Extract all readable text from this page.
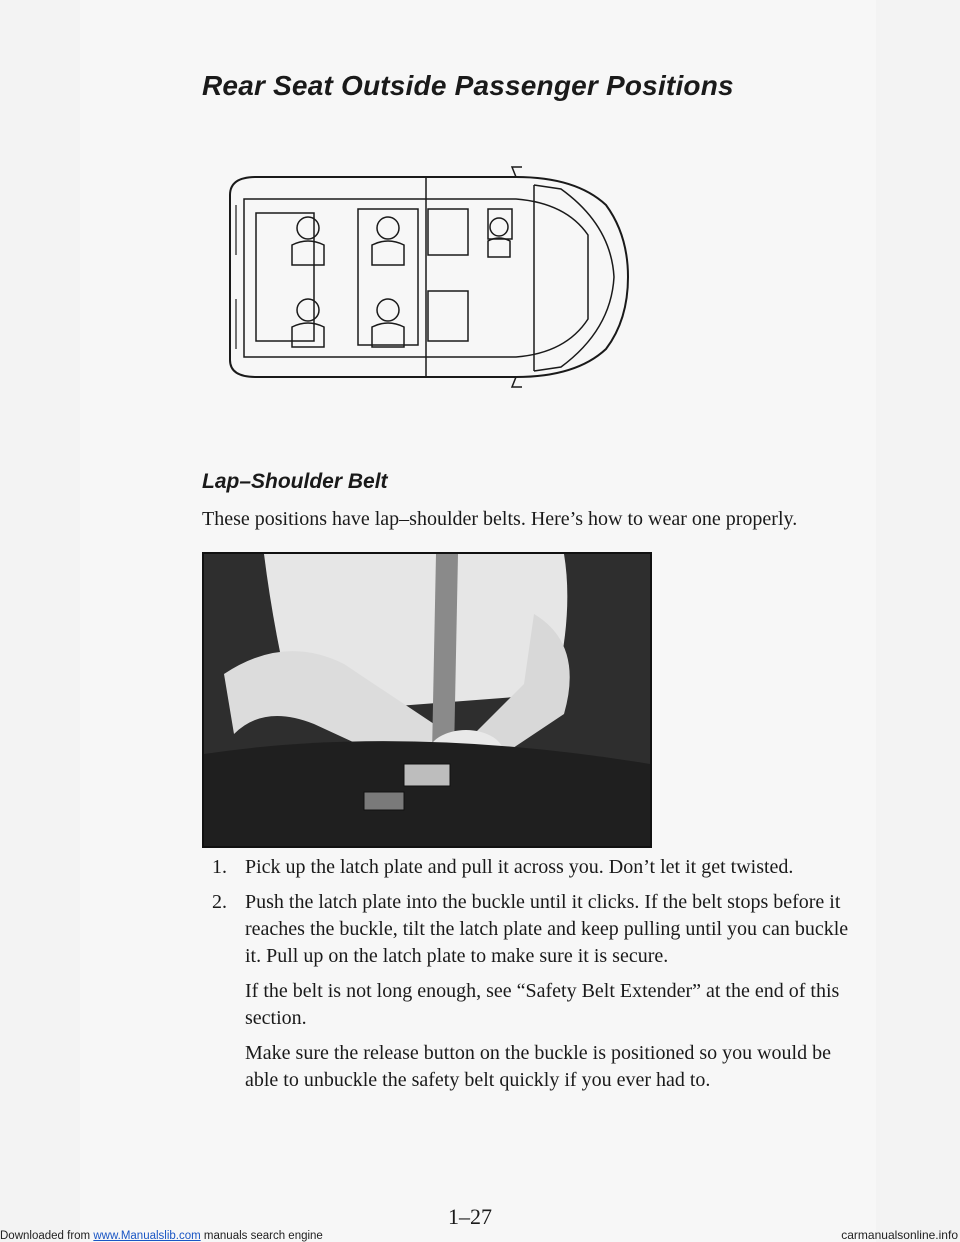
Rear Seat Outside Passenger Positions
Lap–Shoulder Belt

These positions have lap–shoulder belts. Here’s how to wear one properly.

1. Pick up the latch plate and pull it across you. Don’t let it get twisted.
2. Push the latch plate into the buckle until it clicks. If the belt stops before it reaches the buckle, tilt the latch plate and keep pulling until you can buckle it. Pull up on the latch plate to make sure it is secure.

If the belt is not long enough, see “Safety Belt Extender” at the end of this section.

Make sure the release button on the buckle is positioned so you would be able to unbuckle the safety belt quickly if you ever had to.

1–27
Downloaded from www.Manualslib.com manuals search engine	carmanualsonline.info
